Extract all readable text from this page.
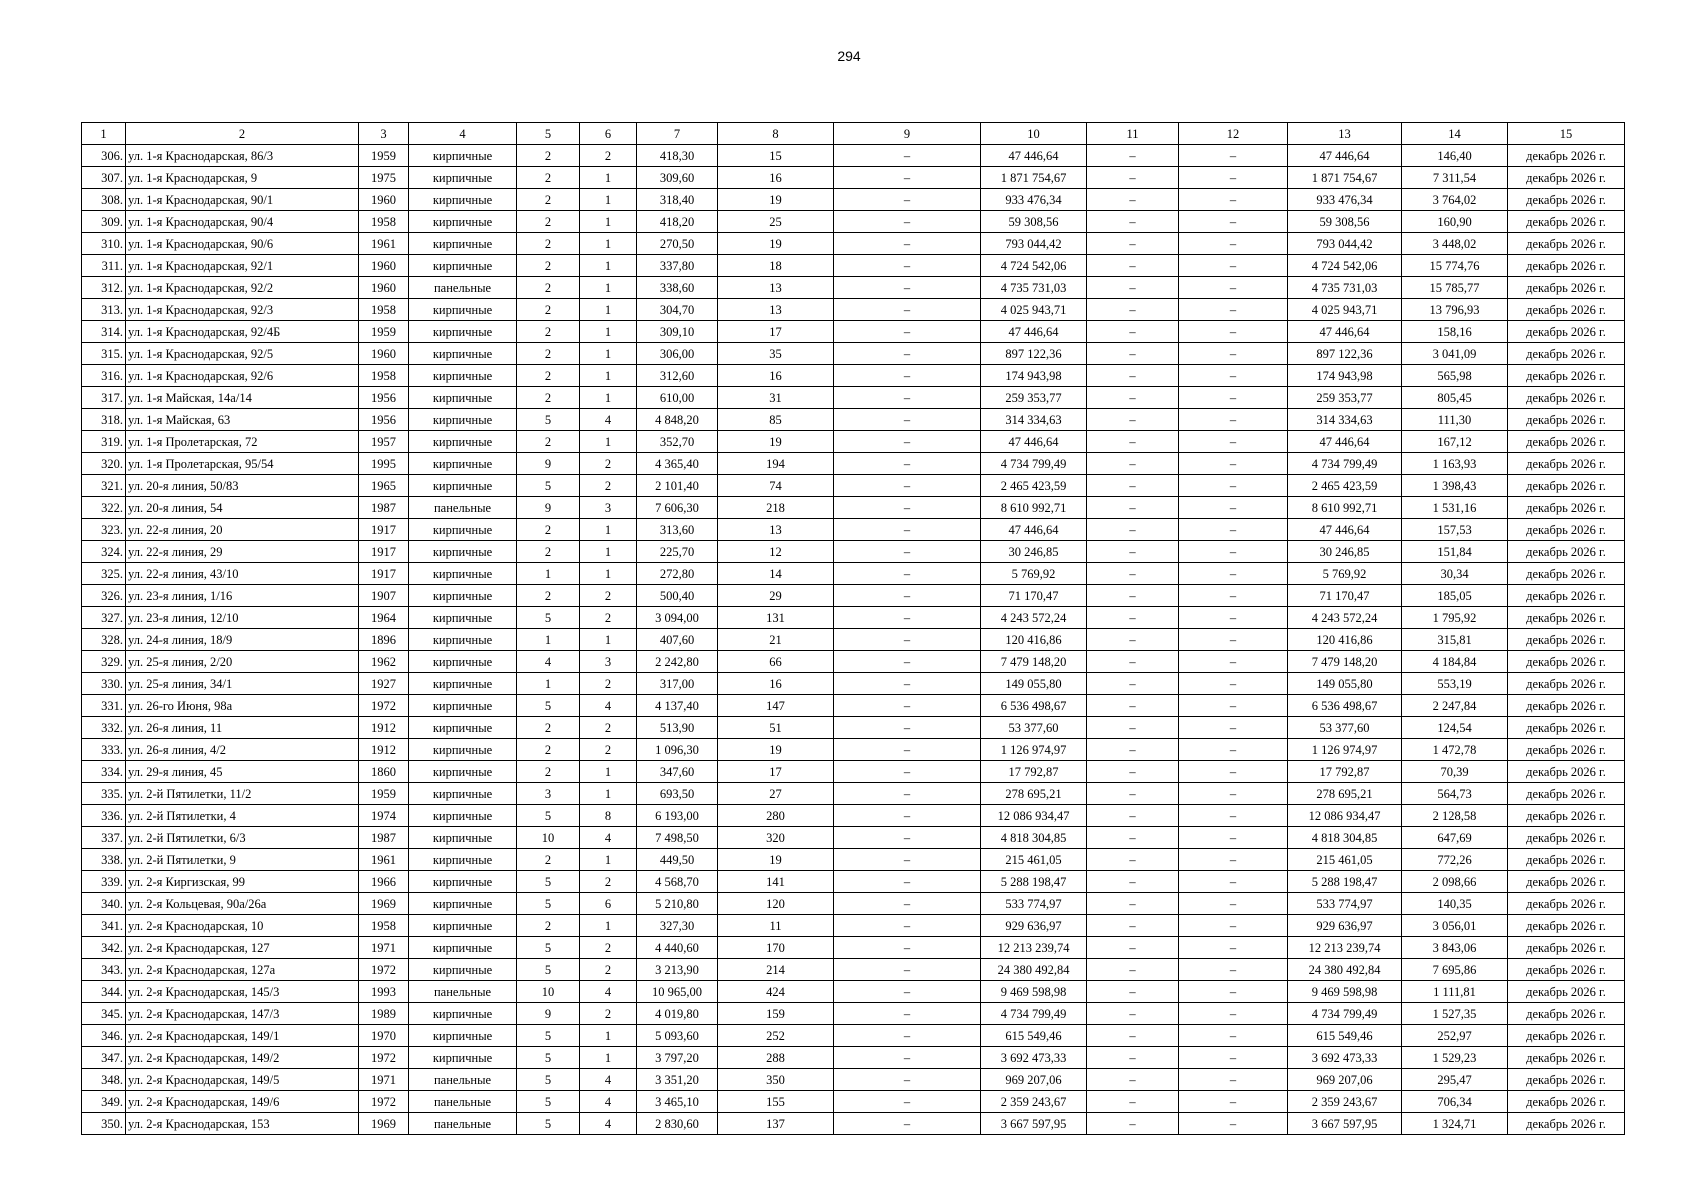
294
1	2	3	4	5	6	7	8	9	10	11	12	13	14	15
306.	ул. 1-я Краснодарская, 86/3	1959	кирпичные	2	2	418,30	15	–	47 446,64	–	–	47 446,64	146,40	декабрь 2026 г.
307.	ул. 1-я Краснодарская, 9	1975	кирпичные	2	1	309,60	16	–	1 871 754,67	–	–	1 871 754,67	7 311,54	декабрь 2026 г.
308.	ул. 1-я Краснодарская, 90/1	1960	кирпичные	2	1	318,40	19	–	933 476,34	–	–	933 476,34	3 764,02	декабрь 2026 г.
309.	ул. 1-я Краснодарская, 90/4	1958	кирпичные	2	1	418,20	25	–	59 308,56	–	–	59 308,56	160,90	декабрь 2026 г.
310.	ул. 1-я Краснодарская, 90/6	1961	кирпичные	2	1	270,50	19	–	793 044,42	–	–	793 044,42	3 448,02	декабрь 2026 г.
311.	ул. 1-я Краснодарская, 92/1	1960	кирпичные	2	1	337,80	18	–	4 724 542,06	–	–	4 724 542,06	15 774,76	декабрь 2026 г.
312.	ул. 1-я Краснодарская, 92/2	1960	панельные	2	1	338,60	13	–	4 735 731,03	–	–	4 735 731,03	15 785,77	декабрь 2026 г.
313.	ул. 1-я Краснодарская, 92/3	1958	кирпичные	2	1	304,70	13	–	4 025 943,71	–	–	4 025 943,71	13 796,93	декабрь 2026 г.
314.	ул. 1-я Краснодарская, 92/4Б	1959	кирпичные	2	1	309,10	17	–	47 446,64	–	–	47 446,64	158,16	декабрь 2026 г.
315.	ул. 1-я Краснодарская, 92/5	1960	кирпичные	2	1	306,00	35	–	897 122,36	–	–	897 122,36	3 041,09	декабрь 2026 г.
316.	ул. 1-я Краснодарская, 92/6	1958	кирпичные	2	1	312,60	16	–	174 943,98	–	–	174 943,98	565,98	декабрь 2026 г.
317.	ул. 1-я Майская, 14а/14	1956	кирпичные	2	1	610,00	31	–	259 353,77	–	–	259 353,77	805,45	декабрь 2026 г.
318.	ул. 1-я Майская, 63	1956	кирпичные	5	4	4 848,20	85	–	314 334,63	–	–	314 334,63	111,30	декабрь 2026 г.
319.	ул. 1-я Пролетарская, 72	1957	кирпичные	2	1	352,70	19	–	47 446,64	–	–	47 446,64	167,12	декабрь 2026 г.
320.	ул. 1-я Пролетарская, 95/54	1995	кирпичные	9	2	4 365,40	194	–	4 734 799,49	–	–	4 734 799,49	1 163,93	декабрь 2026 г.
321.	ул. 20-я линия, 50/83	1965	кирпичные	5	2	2 101,40	74	–	2 465 423,59	–	–	2 465 423,59	1 398,43	декабрь 2026 г.
322.	ул. 20-я линия, 54	1987	панельные	9	3	7 606,30	218	–	8 610 992,71	–	–	8 610 992,71	1 531,16	декабрь 2026 г.
323.	ул. 22-я линия, 20	1917	кирпичные	2	1	313,60	13	–	47 446,64	–	–	47 446,64	157,53	декабрь 2026 г.
324.	ул. 22-я линия, 29	1917	кирпичные	2	1	225,70	12	–	30 246,85	–	–	30 246,85	151,84	декабрь 2026 г.
325.	ул. 22-я линия, 43/10	1917	кирпичные	1	1	272,80	14	–	5 769,92	–	–	5 769,92	30,34	декабрь 2026 г.
326.	ул. 23-я линия, 1/16	1907	кирпичные	2	2	500,40	29	–	71 170,47	–	–	71 170,47	185,05	декабрь 2026 г.
327.	ул. 23-я линия, 12/10	1964	кирпичные	5	2	3 094,00	131	–	4 243 572,24	–	–	4 243 572,24	1 795,92	декабрь 2026 г.
328.	ул. 24-я линия, 18/9	1896	кирпичные	1	1	407,60	21	–	120 416,86	–	–	120 416,86	315,81	декабрь 2026 г.
329.	ул. 25-я линия, 2/20	1962	кирпичные	4	3	2 242,80	66	–	7 479 148,20	–	–	7 479 148,20	4 184,84	декабрь 2026 г.
330.	ул. 25-я линия, 34/1	1927	кирпичные	1	2	317,00	16	–	149 055,80	–	–	149 055,80	553,19	декабрь 2026 г.
331.	ул. 26-го Июня, 98а	1972	кирпичные	5	4	4 137,40	147	–	6 536 498,67	–	–	6 536 498,67	2 247,84	декабрь 2026 г.
332.	ул. 26-я линия, 11	1912	кирпичные	2	2	513,90	51	–	53 377,60	–	–	53 377,60	124,54	декабрь 2026 г.
333.	ул. 26-я линия, 4/2	1912	кирпичные	2	2	1 096,30	19	–	1 126 974,97	–	–	1 126 974,97	1 472,78	декабрь 2026 г.
334.	ул. 29-я линия, 45	1860	кирпичные	2	1	347,60	17	–	17 792,87	–	–	17 792,87	70,39	декабрь 2026 г.
335.	ул. 2-й Пятилетки, 11/2	1959	кирпичные	3	1	693,50	27	–	278 695,21	–	–	278 695,21	564,73	декабрь 2026 г.
336.	ул. 2-й Пятилетки, 4	1974	кирпичные	5	8	6 193,00	280	–	12 086 934,47	–	–	12 086 934,47	2 128,58	декабрь 2026 г.
337.	ул. 2-й Пятилетки, 6/3	1987	кирпичные	10	4	7 498,50	320	–	4 818 304,85	–	–	4 818 304,85	647,69	декабрь 2026 г.
338.	ул. 2-й Пятилетки, 9	1961	кирпичные	2	1	449,50	19	–	215 461,05	–	–	215 461,05	772,26	декабрь 2026 г.
339.	ул. 2-я Киргизская, 99	1966	кирпичные	5	2	4 568,70	141	–	5 288 198,47	–	–	5 288 198,47	2 098,66	декабрь 2026 г.
340.	ул. 2-я Кольцевая, 90а/26а	1969	кирпичные	5	6	5 210,80	120	–	533 774,97	–	–	533 774,97	140,35	декабрь 2026 г.
341.	ул. 2-я Краснодарская, 10	1958	кирпичные	2	1	327,30	11	–	929 636,97	–	–	929 636,97	3 056,01	декабрь 2026 г.
342.	ул. 2-я Краснодарская, 127	1971	кирпичные	5	2	4 440,60	170	–	12 213 239,74	–	–	12 213 239,74	3 843,06	декабрь 2026 г.
343.	ул. 2-я Краснодарская, 127а	1972	кирпичные	5	2	3 213,90	214	–	24 380 492,84	–	–	24 380 492,84	7 695,86	декабрь 2026 г.
344.	ул. 2-я Краснодарская, 145/3	1993	панельные	10	4	10 965,00	424	–	9 469 598,98	–	–	9 469 598,98	1 111,81	декабрь 2026 г.
345.	ул. 2-я Краснодарская, 147/3	1989	кирпичные	9	2	4 019,80	159	–	4 734 799,49	–	–	4 734 799,49	1 527,35	декабрь 2026 г.
346.	ул. 2-я Краснодарская, 149/1	1970	кирпичные	5	1	5 093,60	252	–	615 549,46	–	–	615 549,46	252,97	декабрь 2026 г.
347.	ул. 2-я Краснодарская, 149/2	1972	кирпичные	5	1	3 797,20	288	–	3 692 473,33	–	–	3 692 473,33	1 529,23	декабрь 2026 г.
348.	ул. 2-я Краснодарская, 149/5	1971	панельные	5	4	3 351,20	350	–	969 207,06	–	–	969 207,06	295,47	декабрь 2026 г.
349.	ул. 2-я Краснодарская, 149/6	1972	панельные	5	4	3 465,10	155	–	2 359 243,67	–	–	2 359 243,67	706,34	декабрь 2026 г.
350.	ул. 2-я Краснодарская, 153	1969	панельные	5	4	2 830,60	137	–	3 667 597,95	–	–	3 667 597,95	1 324,71	декабрь 2026 г.
